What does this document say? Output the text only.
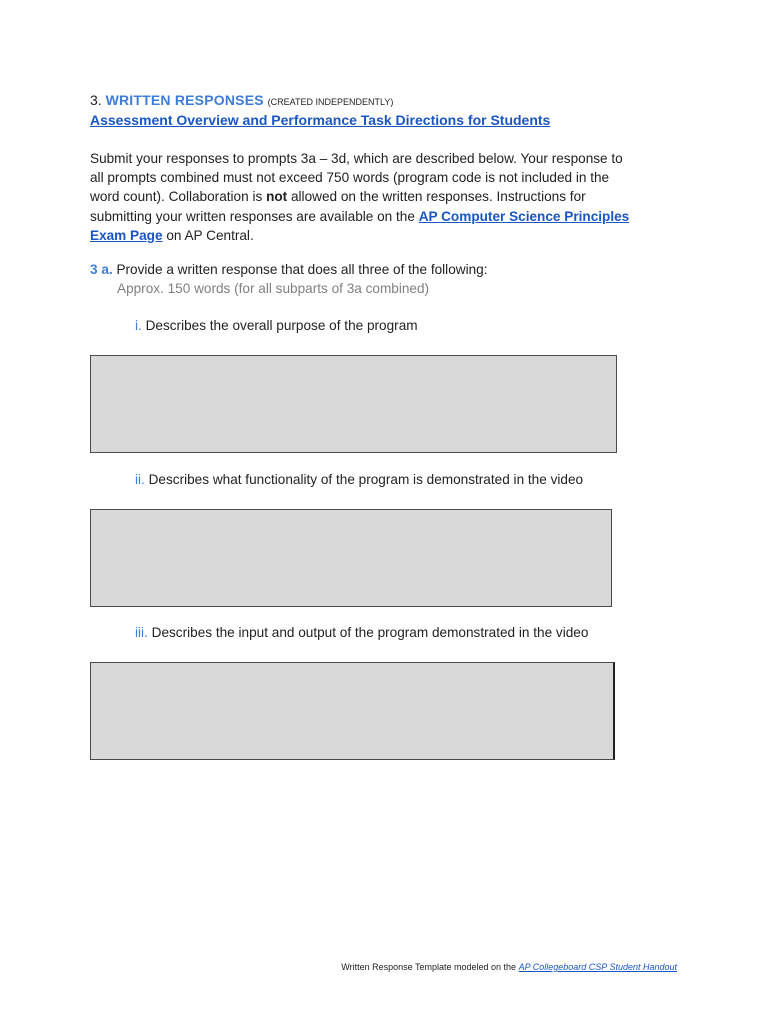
3. WRITTEN RESPONSES (CREATED INDEPENDENTLY)
Assessment Overview and Performance Task Directions for Students
Submit your responses to prompts 3a – 3d, which are described below. Your response to all prompts combined must not exceed 750 words (program code is not included in the word count). Collaboration is not allowed on the written responses. Instructions for submitting your written responses are available on the AP Computer Science Principles Exam Page on AP Central.
3 a. Provide a written response that does all three of the following:
Approx. 150 words (for all subparts of 3a combined)
i. Describes the overall purpose of the program
ii. Describes what functionality of the program is demonstrated in the video
iii. Describes the input and output of the program demonstrated in the video
Written Response Template modeled on the AP Collegeboard CSP Student Handout
